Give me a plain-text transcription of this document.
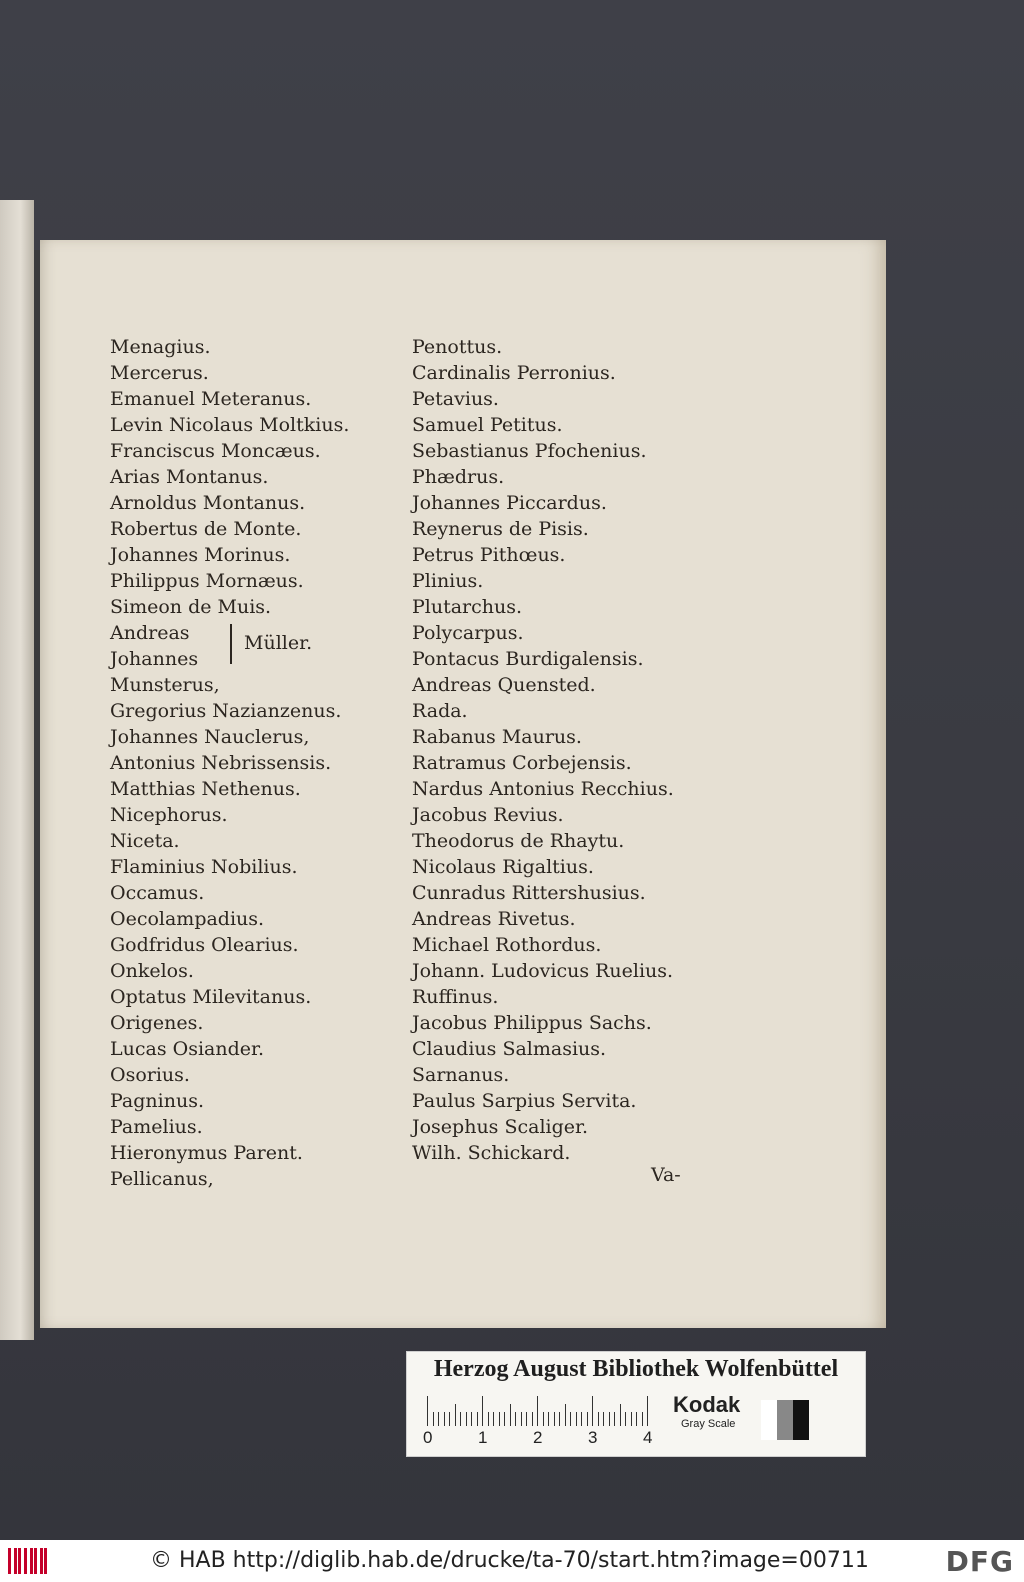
Menagius.
Mercerus.
Emanuel Meteranus.
Levin Nicolaus Moltkius.
Franciscus Moncæus.
Arias Montanus.
Arnoldus Montanus.
Robertus de Monte.
Johannes Morinus.
Philippus Mornæus.
Simeon de Muis.
Andreas
Johannes
Müller.
Munsterus,
Gregorius Nazianzenus.
Johannes Nauclerus,
Antonius Nebrissensis.
Matthias Nethenus.
Nicephorus.
Niceta.
Flaminius Nobilius.
Occamus.
Oecolampadius.
Godfridus Olearius.
Onkelos.
Optatus Milevitanus.
Origenes.
Lucas Osiander.
Osorius.
Pagninus.
Pamelius.
Hieronymus Parent.
Pellicanus,
Penottus.
Cardinalis Perronius.
Petavius.
Samuel Petitus.
Sebastianus Pfochenius.
Phædrus.
Johannes Piccardus.
Reynerus de Pisis.
Petrus Pithœus.
Plinius.
Plutarchus.
Polycarpus.
Pontacus Burdigalensis.
Andreas Quensted.
Rada.
Rabanus Maurus.
Ratramus Corbejensis.
Nardus Antonius Recchius.
Jacobus Revius.
Theodorus de Rhaytu.
Nicolaus Rigaltius.
Cunradus Rittershusius.
Andreas Rivetus.
Michael Rothordus.
Johann. Ludovicus Ruelius.
Ruffinus.
Jacobus Philippus Sachs.
Claudius Salmasius.
Sarnanus.
Paulus Sarpius Servita.
Josephus Scaliger.
Wilh. Schickard.
Va-
Herzog August Bibliothek Wolfenbüttel
0	1	2	3	4
Kodak
Gray Scale
© HAB http://diglib.hab.de/drucke/ta-70/start.htm?image=00711	DFG
